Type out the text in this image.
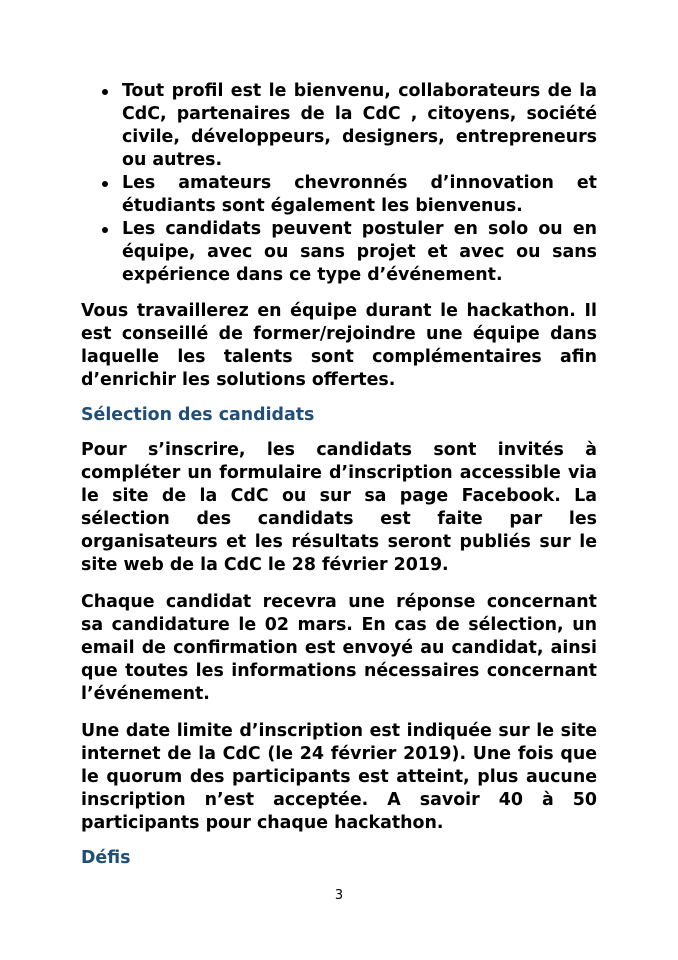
Tout profil est le bienvenu, collaborateurs de la CdC, partenaires de la CdC , citoyens, société civile, développeurs, designers, entrepreneurs ou autres.
Les amateurs chevronnés d’innovation et étudiants sont également les bienvenus.
Les candidats peuvent postuler en solo ou en équipe, avec ou sans projet et avec ou sans expérience dans ce type d’événement.

Vous travaillerez en équipe durant le hackathon. Il est conseillé de former/rejoindre une équipe dans laquelle les talents sont complémentaires afin d’enrichir les solutions offertes.

Sélection des candidats

Pour s’inscrire, les candidats sont invités à compléter un formulaire d’inscription accessible via le site de la CdC ou sur sa page Facebook. La sélection des candidats est faite par les organisateurs et les résultats seront publiés sur le site web de la CdC le 28 février 2019.

Chaque candidat recevra une réponse concernant sa candidature le 02 mars. En cas de sélection, un email de confirmation est envoyé au candidat, ainsi que toutes les informations nécessaires concernant l’événement.

Une date limite d’inscription est indiquée sur le site internet de la CdC (le 24 février 2019). Une fois que le quorum des participants est atteint, plus aucune inscription n’est acceptée. A savoir 40 à 50 participants pour chaque hackathon.

Défis
3
